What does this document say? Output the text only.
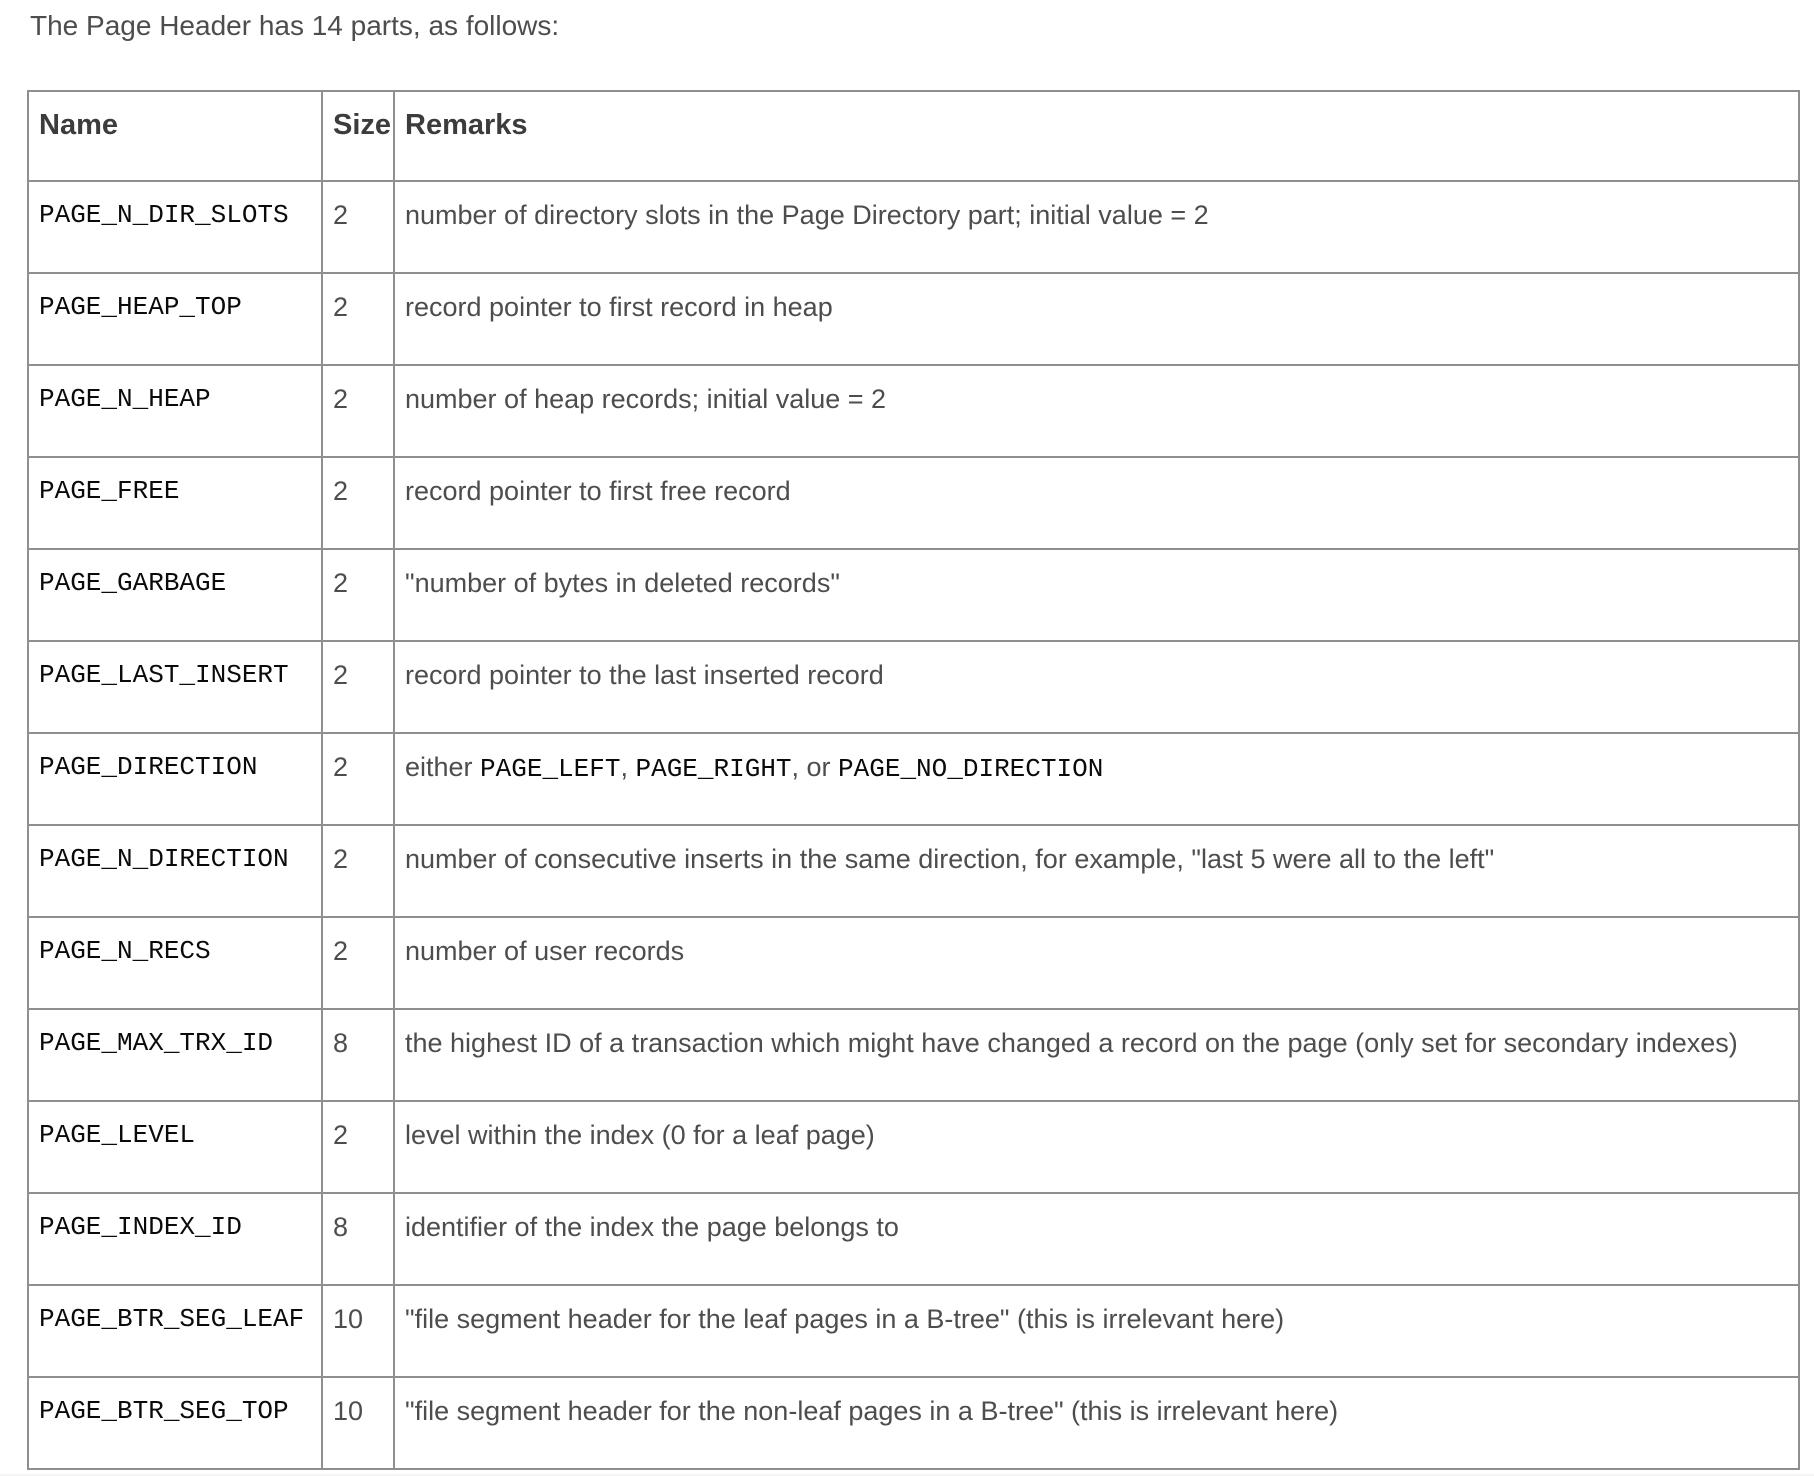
The Page Header has 14 parts, as follows:

Name	Size	Remarks
PAGE_N_DIR_SLOTS	2	number of directory slots in the Page Directory part; initial value = 2
PAGE_HEAP_TOP	2	record pointer to first record in heap
PAGE_N_HEAP	2	number of heap records; initial value = 2
PAGE_FREE	2	record pointer to first free record
PAGE_GARBAGE	2	"number of bytes in deleted records"
PAGE_LAST_INSERT	2	record pointer to the last inserted record
PAGE_DIRECTION	2	either PAGE_LEFT, PAGE_RIGHT, or PAGE_NO_DIRECTION
PAGE_N_DIRECTION	2	number of consecutive inserts in the same direction, for example, "last 5 were all to the left"
PAGE_N_RECS	2	number of user records
PAGE_MAX_TRX_ID	8	the highest ID of a transaction which might have changed a record on the page (only set for secondary indexes)
PAGE_LEVEL	2	level within the index (0 for a leaf page)
PAGE_INDEX_ID	8	identifier of the index the page belongs to
PAGE_BTR_SEG_LEAF	10	"file segment header for the leaf pages in a B-tree" (this is irrelevant here)
PAGE_BTR_SEG_TOP	10	"file segment header for the non-leaf pages in a B-tree" (this is irrelevant here)
